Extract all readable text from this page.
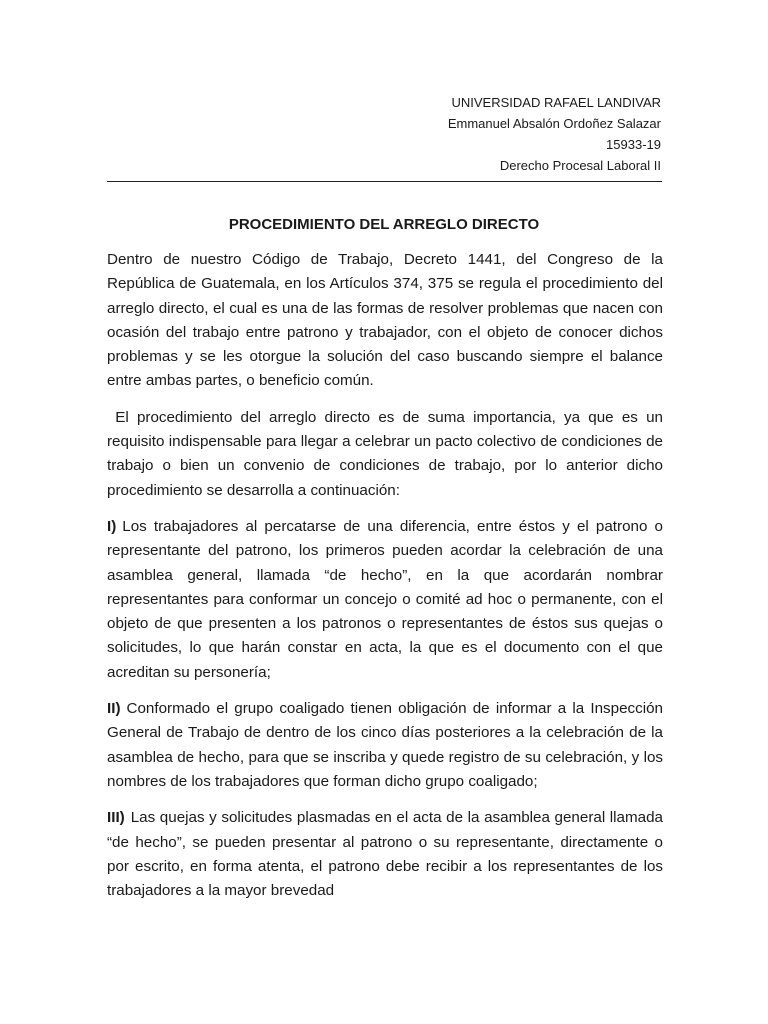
UNIVERSIDAD RAFAEL LANDIVAR
Emmanuel Absalón Ordoñez Salazar
15933-19
Derecho Procesal Laboral II
PROCEDIMIENTO DEL ARREGLO DIRECTO

Dentro de nuestro Código de Trabajo, Decreto 1441, del Congreso de la República de Guatemala, en los Artículos 374, 375 se regula el procedimiento del arreglo directo, el cual es una de las formas de resolver problemas que nacen con ocasión del trabajo entre patrono y trabajador, con el objeto de conocer dichos problemas y se les otorgue la solución del caso buscando siempre el balance entre ambas partes, o beneficio común.

El procedimiento del arreglo directo es de suma importancia, ya que es un requisito indispensable para llegar a celebrar un pacto colectivo de condiciones de trabajo o bien un convenio de condiciones de trabajo, por lo anterior dicho procedimiento se desarrolla a continuación:

I) Los trabajadores al percatarse de una diferencia, entre éstos y el patrono o representante del patrono, los primeros pueden acordar la celebración de una asamblea general, llamada “de hecho”, en la que acordarán nombrar representantes para conformar un concejo o comité ad hoc o permanente, con el objeto de que presenten a los patronos o representantes de éstos sus quejas o solicitudes, lo que harán constar en acta, la que es el documento con el que acreditan su personería;

II) Conformado el grupo coaligado tienen obligación de informar a la Inspección General de Trabajo de dentro de los cinco días posteriores a la celebración de la asamblea de hecho, para que se inscriba y quede registro de su celebración, y los nombres de los trabajadores que forman dicho grupo coaligado;

III) Las quejas y solicitudes plasmadas en el acta de la asamblea general llamada “de hecho”, se pueden presentar al patrono o su representante, directamente o por escrito, en forma atenta, el patrono debe recibir a los representantes de los trabajadores a la mayor brevedad
